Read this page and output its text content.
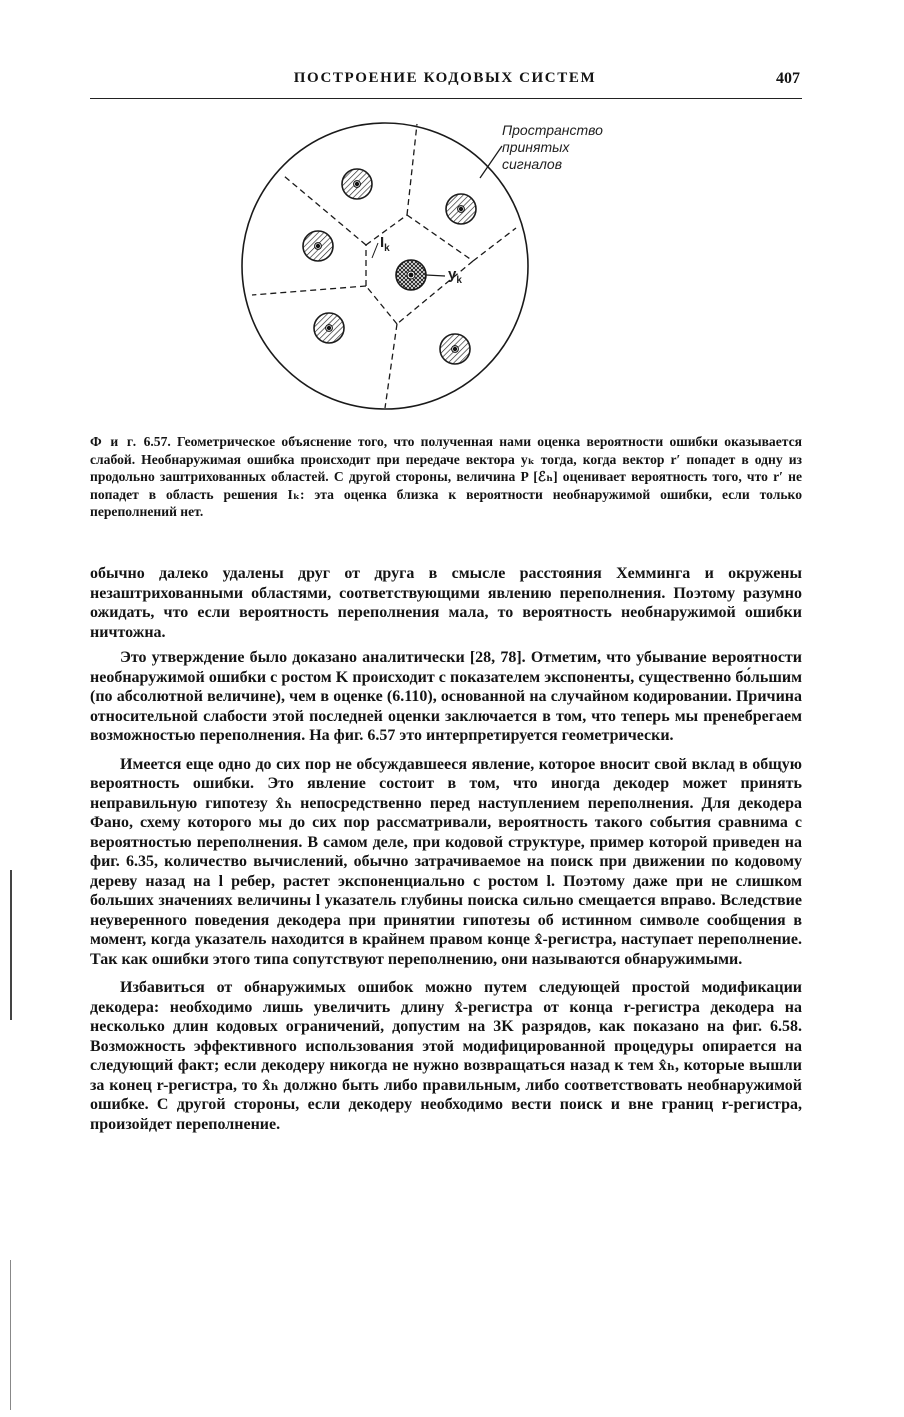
ПОСТРОЕНИЕ КОДОВЫХ СИСТЕМ	407
Пространство принятых сигналов
$I_k$
$y_k$
Ф и г. 6.57. Геометрическое объяснение того, что полученная нами оценка вероятности ошибки оказывается слабой. Необнаружимая ошибка происходит при передаче вектора yₖ тогда, когда вектор r′ попадет в одну из продольно заштрихованных областей. С другой стороны, величина P [ℰₕ] оценивает вероятность того, что r′ не попадет в область решения Iₖ: эта оценка близка к вероятности необнаружимой ошибки, если только переполнений нет.

обычно далеко удалены друг от друга в смысле расстояния Хемминга и окружены незаштрихованными областями, соответствующими явлению переполнения. Поэтому разумно ожидать, что если вероятность переполнения мала, то вероятность необнаружимой ошибки ничтожна.

Это утверждение было доказано аналитически [28, 78]. Отметим, что убывание вероятности необнаружимой ошибки с ростом K происходит с показателем экспоненты, существенно бо́льшим (по абсолютной величине), чем в оценке (6.110), основанной на случайном кодировании. Причина относительной слабости этой последней оценки заключается в том, что теперь мы пренебрегаем возможностью переполнения. На фиг. 6.57 это интерпретируется геометрически.

Имеется еще одно до сих пор не обсуждавшееся явление, которое вносит свой вклад в общую вероятность ошибки. Это явление состоит в том, что иногда декодер может принять неправильную гипотезу x̂ₕ непосредственно перед наступлением переполнения. Для декодера Фано, схему которого мы до сих пор рассматривали, вероятность такого события сравнима с вероятностью переполнения. В самом деле, при кодовой структуре, пример которой приведен на фиг. 6.35, количество вычислений, обычно затрачиваемое на поиск при движении по кодовому дереву назад на l ребер, растет экспоненциально с ростом l. Поэтому даже при не слишком больших значениях величины l указатель глубины поиска сильно смещается вправо. Вследствие неуверенного поведения декодера при принятии гипотезы об истинном символе сообщения в момент, когда указатель находится в крайнем правом конце x̂-регистра, наступает переполнение. Так как ошибки этого типа сопутствуют переполнению, они называются обнаружимыми.

Избавиться от обнаружимых ошибок можно путем следующей простой модификации декодера: необходимо лишь увеличить длину x̂-регистра от конца r-регистра декодера на несколько длин кодовых ограничений, допустим на 3K разрядов, как показано на фиг. 6.58. Возможность эффективного использования этой модифицированной процедуры опирается на следующий факт; если декодеру никогда не нужно возвращаться назад к тем x̂ₕ, которые вышли за конец r-регистра, то x̂ₕ должно быть либо правильным, либо соответствовать необнаружимой ошибке. С другой стороны, если декодеру необходимо вести поиск и вне границ r-регистра, произойдет переполнение.
